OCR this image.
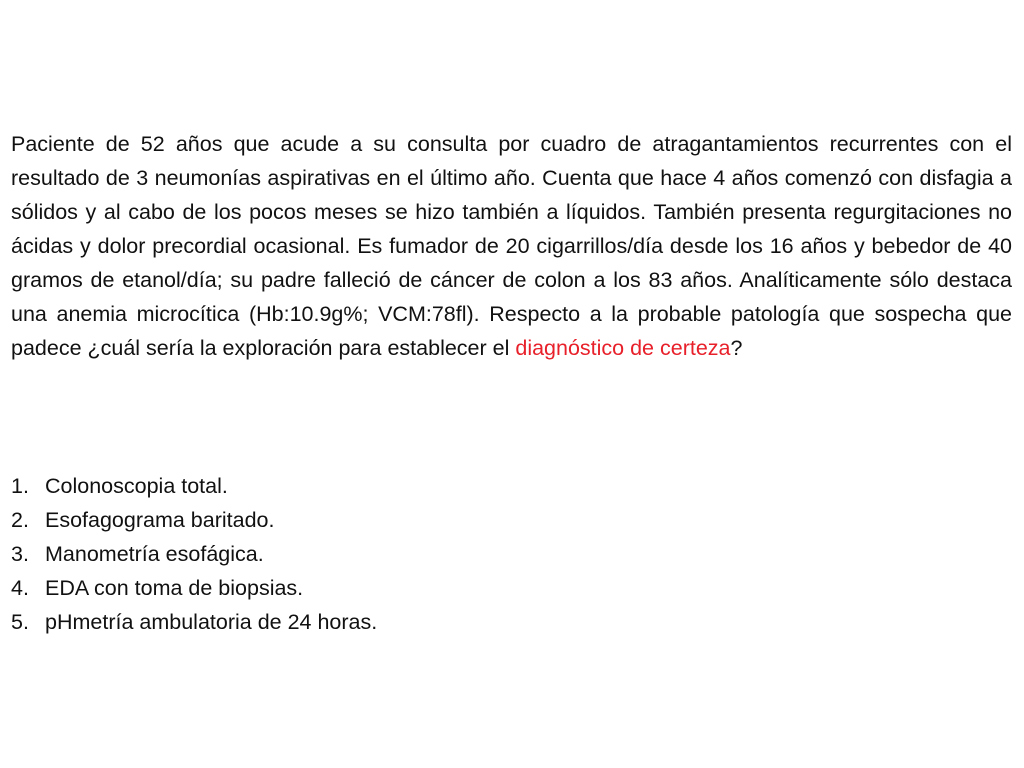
Paciente de 52 años que acude a su consulta por cuadro de atragantamientos recurrentes con el resultado de 3 neumonías aspirativas en el último año. Cuenta que hace 4 años comenzó con disfagia a sólidos y al cabo de los pocos meses se hizo también a líquidos. También presenta regurgitaciones no ácidas y dolor precordial ocasional. Es fumador de 20 cigarrillos/día desde los 16 años y bebedor de 40 gramos de etanol/día; su padre falleció de cáncer de colon a los 83 años. Analíticamente sólo destaca una anemia microcítica (Hb:10.9g%; VCM:78fl). Respecto a la probable patología que sospecha que padece ¿cuál sería la exploración para establecer el diagnóstico de certeza?

1. Colonoscopia total.
2. Esofagograma baritado.
3. Manometría esofágica.
4. EDA con toma de biopsias.
5. pHmetría ambulatoria de 24 horas.
